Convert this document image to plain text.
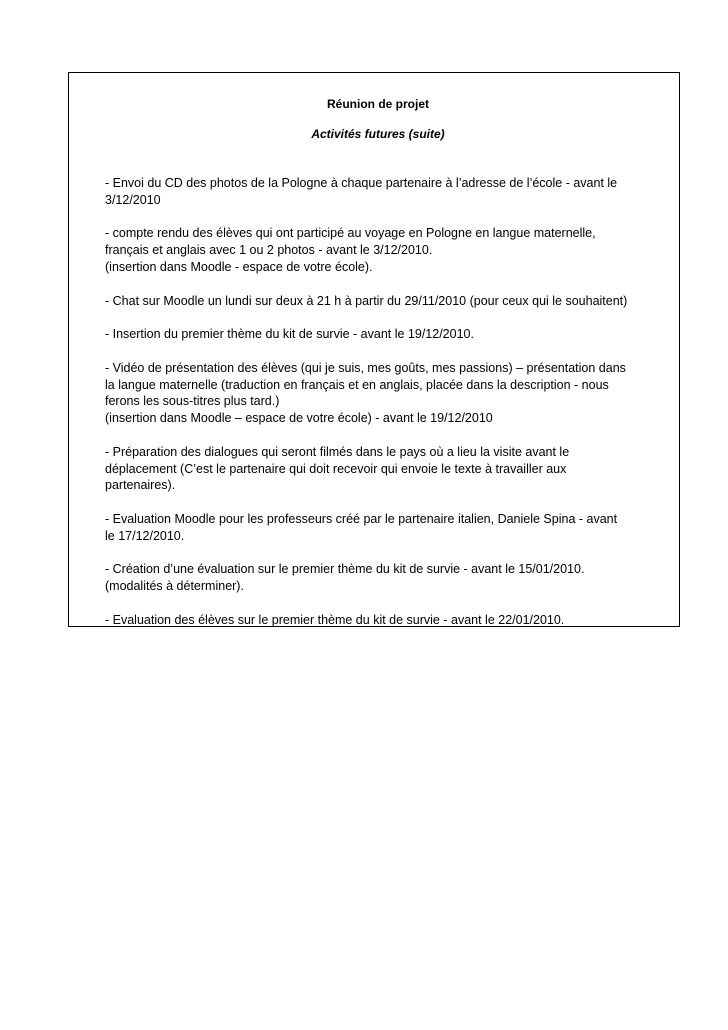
Réunion de projet
Activités futures (suite)

- Envoi du CD des photos de la Pologne à chaque partenaire à l’adresse de l’école - avant le
3/12/2010

- compte rendu des élèves qui ont participé au voyage en Pologne en langue maternelle,
français et anglais avec 1 ou 2 photos - avant le 3/12/2010.
(insertion dans Moodle - espace de votre école).

- Chat sur Moodle un lundi sur deux à 21 h à partir du 29/11/2010 (pour ceux qui le souhaitent)

- Insertion du premier thème du kit de survie - avant le 19/12/2010.

- Vidéo de présentation des élèves (qui je suis, mes goûts, mes passions) – présentation dans
la langue maternelle (traduction en français et en anglais, placée dans la description - nous
ferons les sous-titres plus tard.)
(insertion dans Moodle – espace de votre école) - avant le 19/12/2010

- Préparation des dialogues qui seront filmés dans le pays où a lieu la visite avant le
déplacement (C’est le partenaire qui doit recevoir qui envoie le texte à travailler aux
partenaires).

- Evaluation Moodle pour les professeurs créé par le partenaire italien, Daniele Spina - avant
le 17/12/2010.

- Création d’une évaluation sur le premier thème du kit de survie - avant le 15/01/2010.
(modalités à déterminer).

- Evaluation des élèves sur le premier thème du kit de survie - avant le 22/01/2010.
